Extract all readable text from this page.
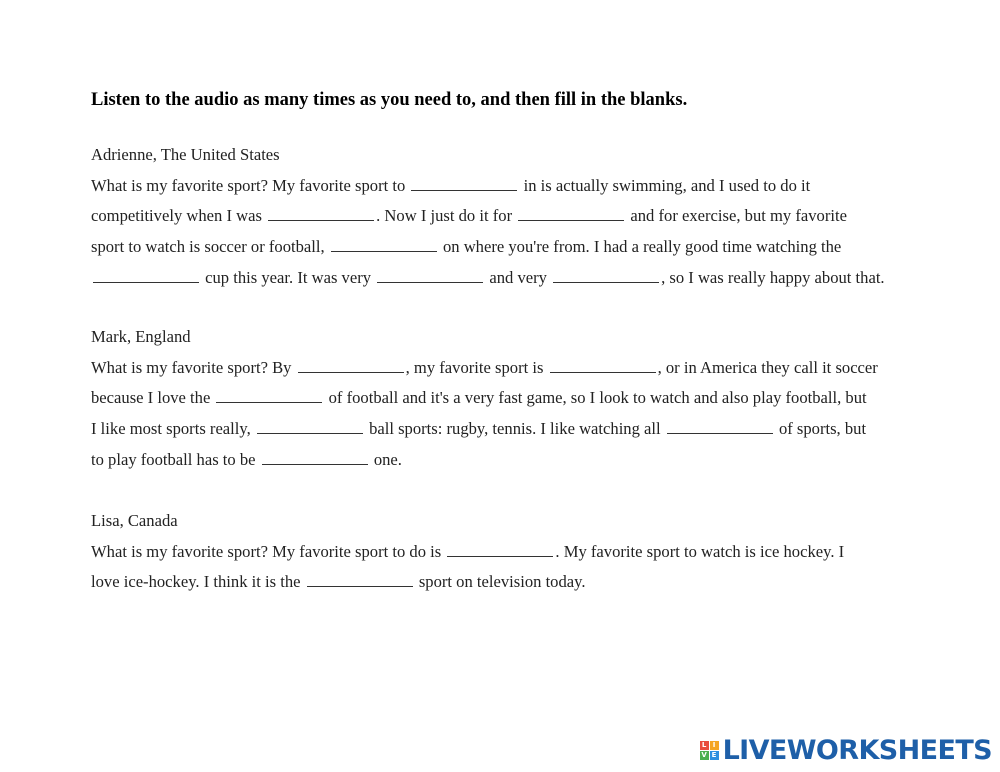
Listen to the audio as many times as you need to, and then fill in the blanks.

Adrienne, The United States
What is my favorite sport? My favorite sport to	in is actually swimming, and I used to do it
competitively when I was	. Now I just do it for	and for exercise, but my favorite
sport to watch is soccer or football,	on where you're from. I had a really good time watching the
cup this year. It was very	and very	, so I was really happy about that.
Mark, England
What is my favorite sport? By	, my favorite sport is	, or in America they call it soccer
because I love the	of football and it's a very fast game, so I look to watch and also play football, but
I like most sports really,	ball sports: rugby, tennis. I like watching all	of sports, but
to play football has to be	one.
Lisa, Canada
What is my favorite sport? My favorite sport to do is	. My favorite sport to watch is ice hockey. I
love ice-hockey. I think it is the	sport on television today.
L I
V E LIVEWORKSHEETS
